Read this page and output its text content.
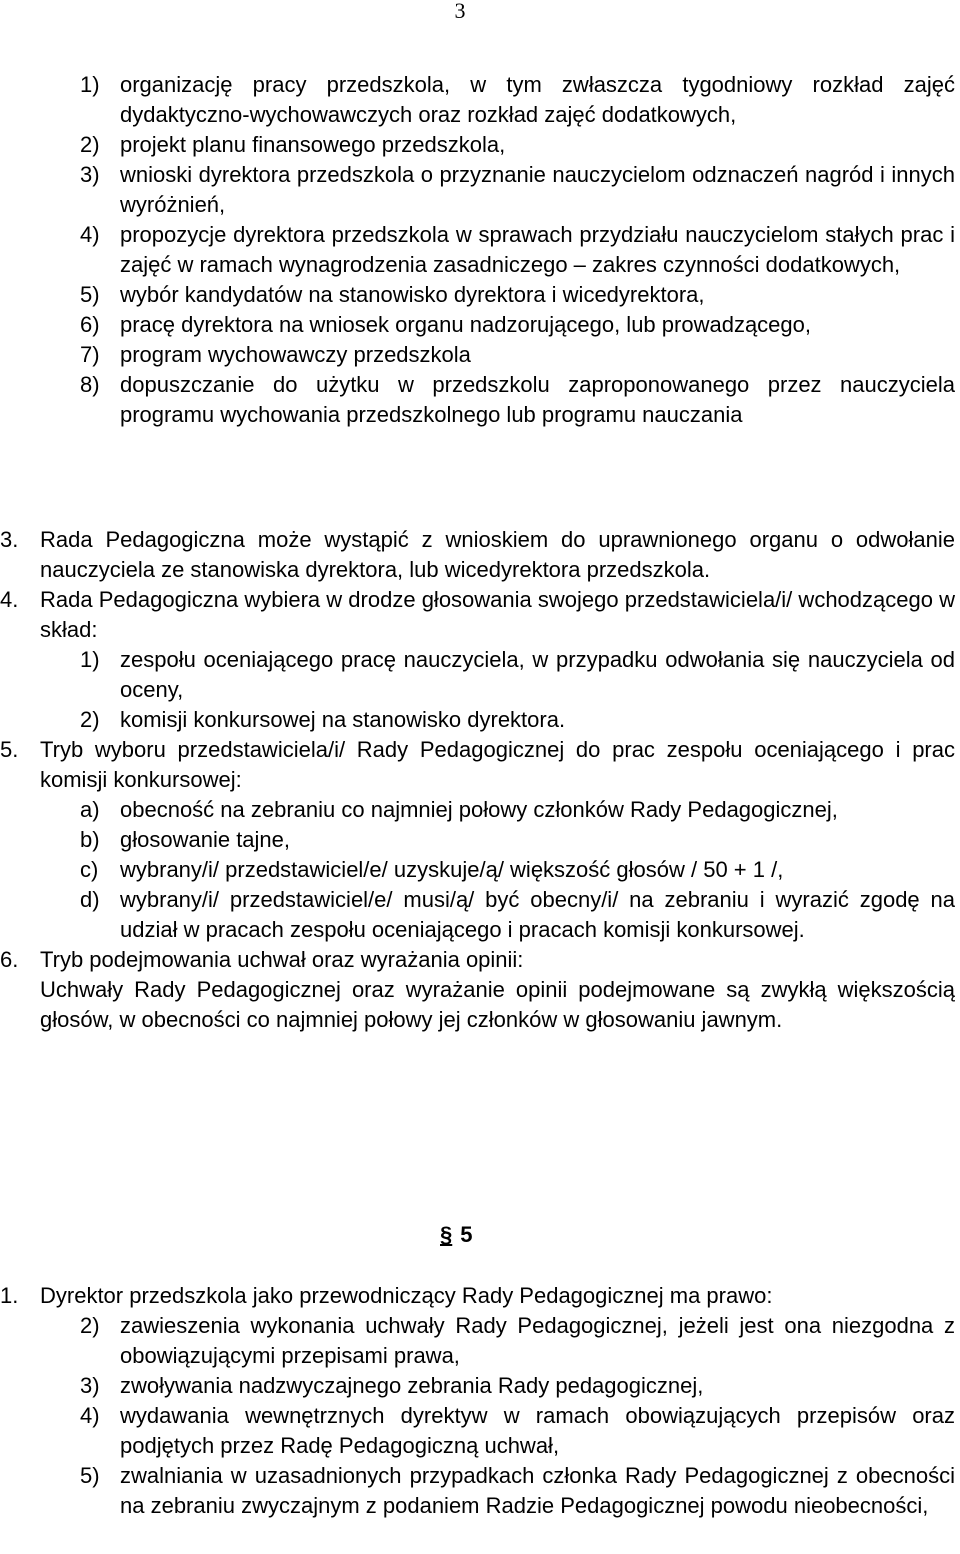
3
1) organizację pracy przedszkola, w tym zwłaszcza tygodniowy rozkład zajęć dydaktyczno-wychowawczych oraz rozkład zajęć dodatkowych,
2) projekt planu finansowego przedszkola,
3) wnioski dyrektora przedszkola o przyznanie nauczycielom odznaczeń nagród i innych wyróżnień,
4) propozycje dyrektora przedszkola w sprawach przydziału nauczycielom stałych prac i zajęć w ramach wynagrodzenia zasadniczego – zakres czynności dodatkowych,
5) wybór kandydatów na stanowisko dyrektora i wicedyrektora,
6) pracę dyrektora na wniosek organu nadzorującego, lub prowadzącego,
7) program wychowawczy przedszkola
8) dopuszczanie do użytku w przedszkolu zaproponowanego przez nauczyciela programu wychowania przedszkolnego lub programu nauczania
3. Rada Pedagogiczna może wystąpić z wnioskiem do uprawnionego organu o odwołanie nauczyciela ze stanowiska dyrektora, lub wicedyrektora przedszkola.
4. Rada Pedagogiczna wybiera w drodze głosowania swojego przedstawiciela/i/ wchodzącego w skład:
1) zespołu oceniającego pracę nauczyciela, w przypadku odwołania się nauczyciela od oceny,
2) komisji konkursowej na stanowisko dyrektora.
5. Tryb wyboru przedstawiciela/i/ Rady Pedagogicznej do prac zespołu oceniającego i prac komisji konkursowej:
a) obecność na zebraniu co najmniej połowy członków Rady Pedagogicznej,
b) głosowanie tajne,
c) wybrany/i/ przedstawiciel/e/ uzyskuje/ą/ większość głosów / 50 + 1 /,
d) wybrany/i/ przedstawiciel/e/ musi/ą/ być obecny/i/ na zebraniu i wyrazić zgodę na udział w pracach zespołu oceniającego i pracach komisji konkursowej.
6. Tryb podejmowania uchwał oraz wyrażania opinii:
Uchwały Rady Pedagogicznej oraz wyrażanie opinii podejmowane są zwykłą większością głosów, w obecności co najmniej połowy jej członków w głosowaniu jawnym.
§ 5
1. Dyrektor przedszkola jako przewodniczący Rady Pedagogicznej ma prawo:
2) zawieszenia wykonania uchwały Rady Pedagogicznej, jeżeli jest ona niezgodna z obowiązującymi przepisami prawa,
3) zwoływania nadzwyczajnego zebrania Rady pedagogicznej,
4) wydawania wewnętrznych dyrektyw w ramach obowiązujących przepisów oraz podjętych przez Radę Pedagogiczną uchwał,
5) zwalniania w uzasadnionych przypadkach członka Rady Pedagogicznej z obecności na zebraniu zwyczajnym z podaniem Radzie Pedagogicznej powodu nieobecności,
